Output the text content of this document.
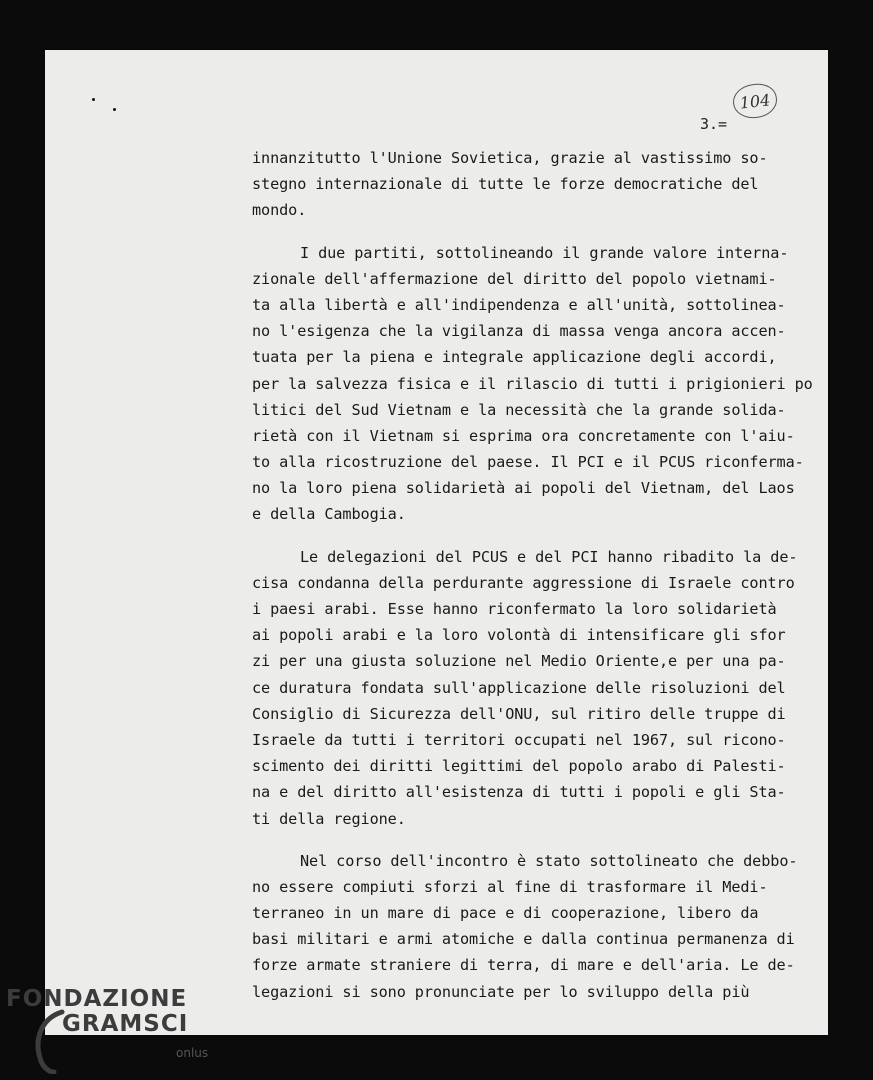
104
3.=
innanzitutto l'Unione Sovietica, grazie al vastissimo so-
stegno internazionale di tutte le forze democratiche del
mondo.
I due partiti, sottolineando il grande valore interna-
zionale dell'affermazione del diritto del popolo vietnami-
ta alla libertà e all'indipendenza e all'unità, sottolinea-
no l'esigenza che la vigilanza di massa venga ancora accen-
tuata per la piena e integrale applicazione degli accordi,
per la salvezza fisica e il rilascio di tutti i prigionieri po
litici del Sud Vietnam e la necessità che la grande solida-
rietà con il Vietnam si esprima ora concretamente con l'aiu-
to alla ricostruzione del paese. Il PCI e il PCUS riconferma-
no la loro piena solidarietà ai popoli del Vietnam, del Laos
e della Cambogia.
Le delegazioni del PCUS e del PCI hanno ribadito la de-
cisa condanna della perdurante aggressione di Israele contro
i paesi arabi. Esse hanno riconfermato la loro solidarietà
ai popoli arabi e la loro volontà di intensificare gli sfor
zi per una giusta soluzione nel Medio Oriente,e per una pa-
ce duratura fondata sull'applicazione delle risoluzioni del
Consiglio di Sicurezza dell'ONU, sul ritiro delle truppe di
Israele da tutti i territori occupati nel 1967, sul ricono-
scimento dei diritti legittimi del popolo arabo di Palesti-
na e del diritto all'esistenza di tutti i popoli e gli Sta-
ti della regione.
Nel corso dell'incontro è stato sottolineato che debbo-
no essere compiuti sforzi al fine di trasformare il Medi-
terraneo in un mare di pace e di cooperazione, libero da
basi militari e armi atomiche e dalla continua permanenza di
forze armate straniere di terra, di mare e dell'aria. Le de-
legazioni si sono pronunciate per lo sviluppo della più
FONDAZIONE
GRAMSCI
onlus
